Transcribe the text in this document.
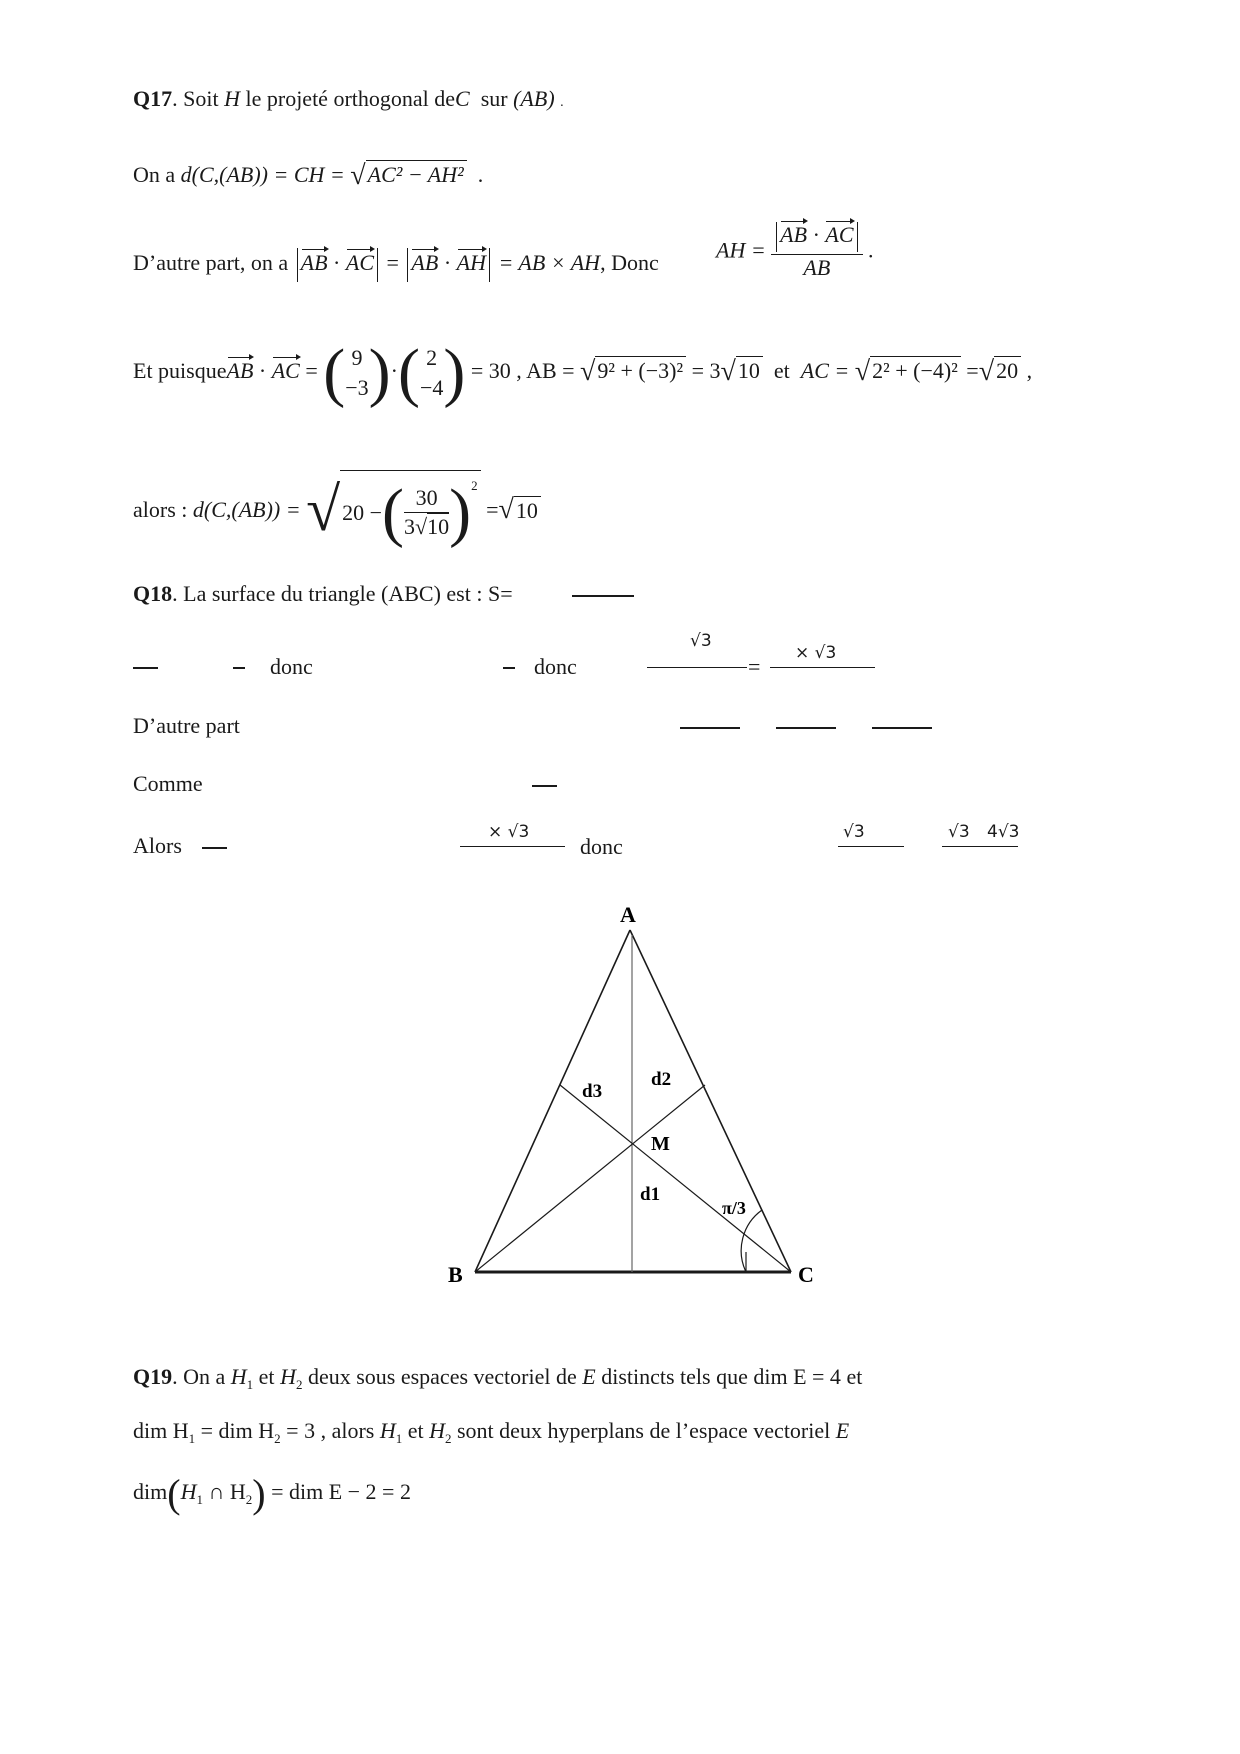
Q17. Soit H le projeté orthogonal deC sur (AB) .
On a d(C,(AB)) = CH = √AC² − AH² .
D’autre part, on a AB · AC = AB · AH = AB × AH, Donc
AH = $\frac{AB \cdot AC}{AB}$ .
Et puisqueAB · AC = ( 9
−3)·( 2
−4) = 30 , AB = √9² + (−3)² = 3√10 et AC = √2² + (−4)² =√20 ,
alors : d(C,(AB)) = √20 −( $\frac{30}{3√10} )^2 =√10$
Q18. La surface du triangle (ABC) est : S=
donc	donc
√3
=
× √3
D’autre part
Comme
Alors
× √3
donc
√3	√3 4√3
A
B	C
M
d1
d2
d3
π/3
Q19. On a $H_1$ et $H_2$ deux sous espaces vectoriel de E distincts tels que dim E = 4 et
dim $H_1$ = dim $H_2 = 3$ , alors $H_1$ et $H_2$ sont deux hyperplans de l’espace vectoriel E
$dim(H_1$ ∩ $H_2$) = dim E − 2 = 2
